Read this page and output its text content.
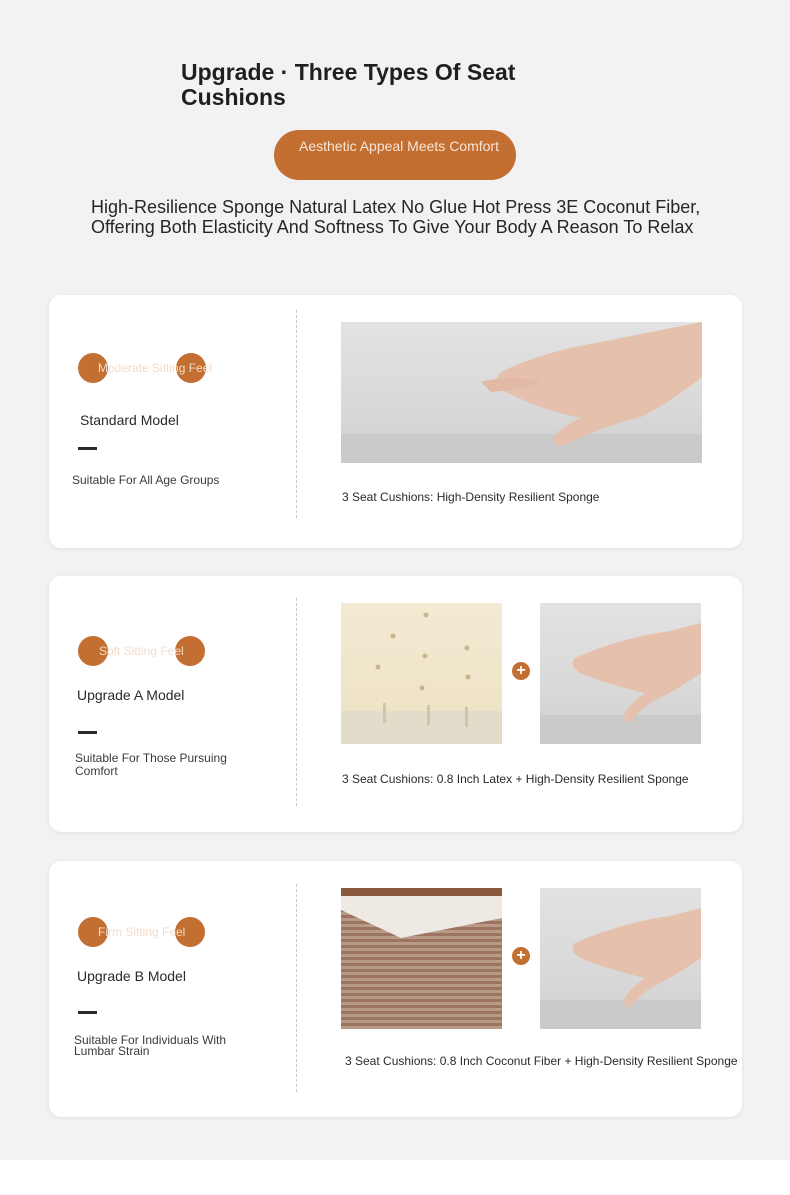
Upgrade · Three Types Of Seat Cushions
Aesthetic Appeal Meets Comfort

High-Resilience Sponge Natural Latex No Glue Hot Press 3E Coconut Fiber, Offering Both Elasticity And Softness To Give Your Body A Reason To Relax

Moderate Sitting Feel
Standard Model
Suitable For All Age Groups
3 Seat Cushions: High-Density Resilient Sponge
Soft Sitting Feel
Upgrade A Model
Suitable For Those Pursuing Comfort
+
3 Seat Cushions: 0.8 Inch Latex + High-Density Resilient Sponge
Firm Sitting Feel
Upgrade B Model
Suitable For Individuals With Lumbar Strain
+
3 Seat Cushions: 0.8 Inch Coconut Fiber + High-Density Resilient Sponge
